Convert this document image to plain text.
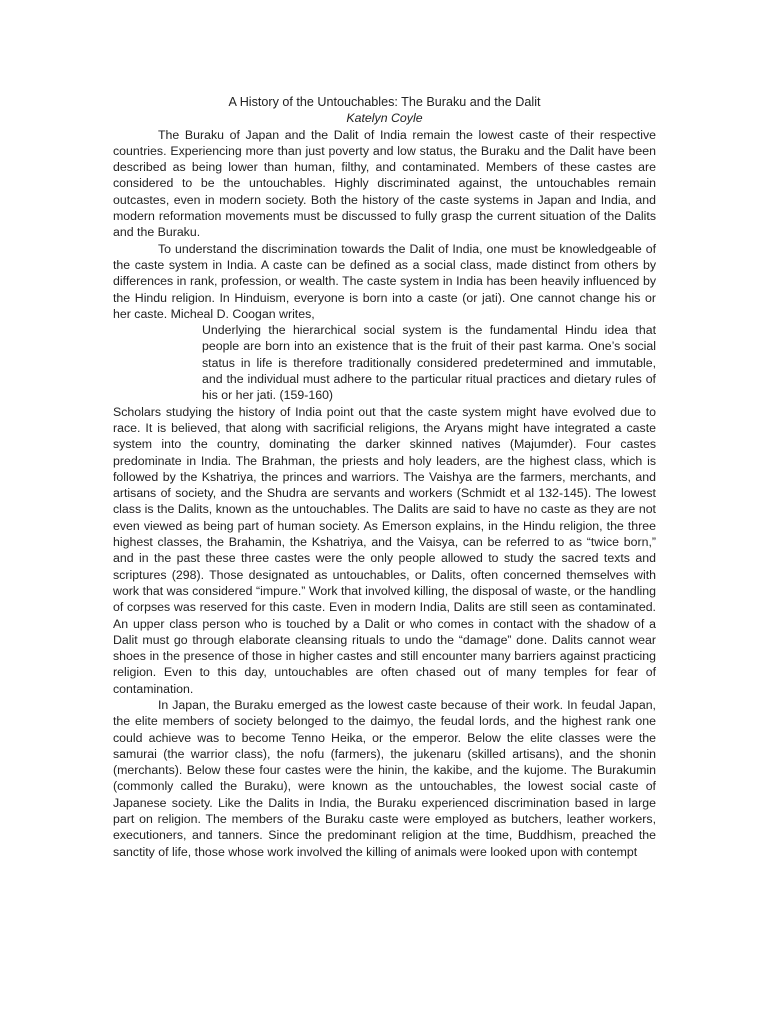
A History of the Untouchables: The Buraku and the Dalit
Katelyn Coyle

The Buraku of Japan and the Dalit of India remain the lowest caste of their respective countries. Experiencing more than just poverty and low status, the Buraku and the Dalit have been described as being lower than human, filthy, and contaminated. Members of these castes are considered to be the untouchables. Highly discriminated against, the untouchables remain outcastes, even in modern society. Both the history of the caste systems in Japan and India, and modern reformation movements must be discussed to fully grasp the current situation of the Dalits and the Buraku.

To understand the discrimination towards the Dalit of India, one must be knowledgeable of the caste system in India. A caste can be defined as a social class, made distinct from others by differences in rank, profession, or wealth. The caste system in India has been heavily influenced by the Hindu religion. In Hinduism, everyone is born into a caste (or jati). One cannot change his or her caste. Micheal D. Coogan writes,

Underlying the hierarchical social system is the fundamental Hindu idea that people are born into an existence that is the fruit of their past karma. One’s social status in life is therefore traditionally considered predetermined and immutable, and the individual must adhere to the particular ritual practices and dietary rules of his or her jati. (159-160)

Scholars studying the history of India point out that the caste system might have evolved due to race. It is believed, that along with sacrificial religions, the Aryans might have integrated a caste system into the country, dominating the darker skinned natives (Majumder). Four castes predominate in India. The Brahman, the priests and holy leaders, are the highest class, which is followed by the Kshatriya, the princes and warriors. The Vaishya are the farmers, merchants, and artisans of society, and the Shudra are servants and workers (Schmidt et al 132-145). The lowest class is the Dalits, known as the untouchables. The Dalits are said to have no caste as they are not even viewed as being part of human society. As Emerson explains, in the Hindu religion, the three highest classes, the Brahamin, the Kshatriya, and the Vaisya, can be referred to as “twice born,” and in the past these three castes were the only people allowed to study the sacred texts and scriptures (298). Those designated as untouchables, or Dalits, often concerned themselves with work that was considered “impure.” Work that involved killing, the disposal of waste, or the handling of corpses was reserved for this caste. Even in modern India, Dalits are still seen as contaminated. An upper class person who is touched by a Dalit or who comes in contact with the shadow of a Dalit must go through elaborate cleansing rituals to undo the “damage” done. Dalits cannot wear shoes in the presence of those in higher castes and still encounter many barriers against practicing religion. Even to this day, untouchables are often chased out of many temples for fear of contamination.

In Japan, the Buraku emerged as the lowest caste because of their work. In feudal Japan, the elite members of society belonged to the daimyo, the feudal lords, and the highest rank one could achieve was to become Tenno Heika, or the emperor. Below the elite classes were the samurai (the warrior class), the nofu (farmers), the jukenaru (skilled artisans), and the shonin (merchants). Below these four castes were the hinin, the kakibe, and the kujome. The Burakumin (commonly called the Buraku), were known as the untouchables, the lowest social caste of Japanese society. Like the Dalits in India, the Buraku experienced discrimination based in large part on religion. The members of the Buraku caste were employed as butchers, leather workers, executioners, and tanners. Since the predominant religion at the time, Buddhism, preached the sanctity of life, those whose work involved the killing of animals were looked upon with contempt
